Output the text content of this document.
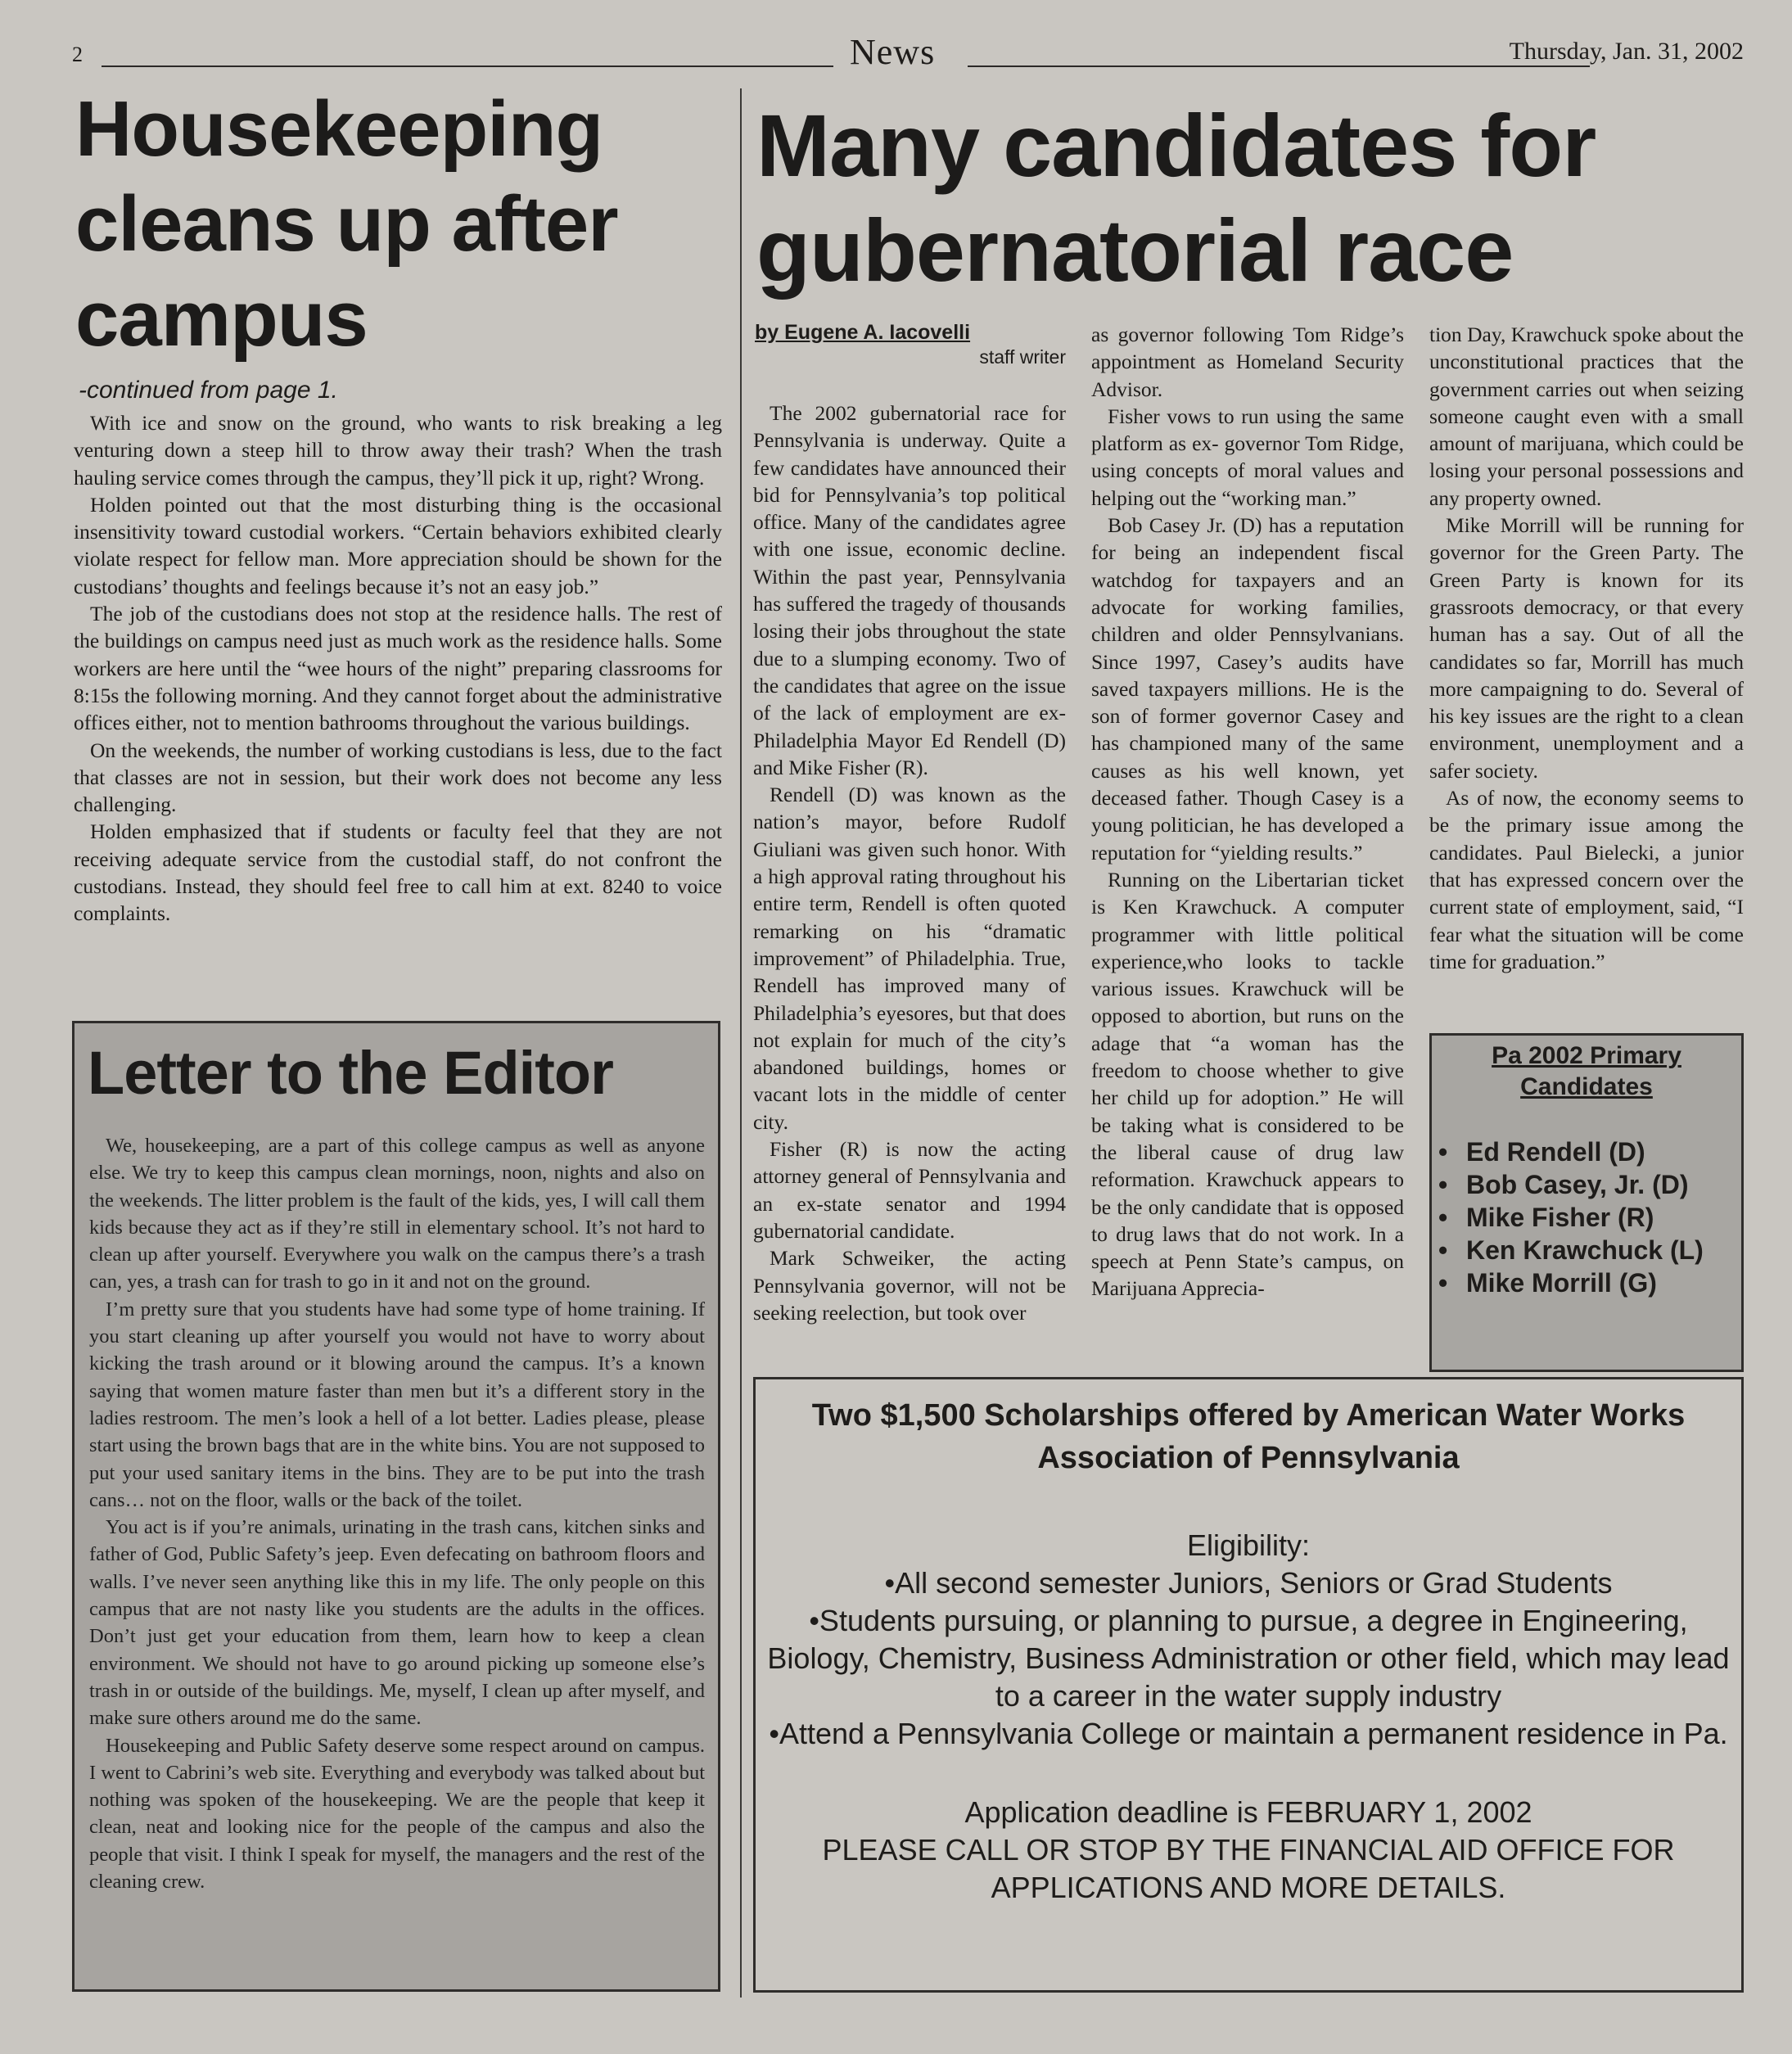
2	News	Thursday, Jan. 31, 2002
Housekeeping cleans up after campus
-continued from page 1.

With ice and snow on the ground, who wants to risk breaking a leg venturing down a steep hill to throw away their trash? When the trash hauling service comes through the campus, they’ll pick it up, right? Wrong.

Holden pointed out that the most disturbing thing is the occasional insensitivity toward custodial workers. “Certain behaviors exhibited clearly violate respect for fellow man. More appreciation should be shown for the custodians’ thoughts and feelings because it’s not an easy job.”

The job of the custodians does not stop at the residence halls. The rest of the buildings on campus need just as much work as the residence halls. Some workers are here until the “wee hours of the night” preparing classrooms for 8:15s the following morning. And they cannot forget about the administrative offices either, not to mention bathrooms throughout the various buildings.

On the weekends, the number of working custodians is less, due to the fact that classes are not in session, but their work does not become any less challenging.

Holden emphasized that if students or faculty feel that they are not receiving adequate service from the custodial staff, do not confront the custodians. Instead, they should feel free to call him at ext. 8240 to voice complaints.

Letter to the Editor

We, housekeeping, are a part of this college campus as well as anyone else. We try to keep this campus clean mornings, noon, nights and also on the weekends. The litter problem is the fault of the kids, yes, I will call them kids because they act as if they’re still in elementary school. It’s not hard to clean up after yourself. Everywhere you walk on the campus there’s a trash can, yes, a trash can for trash to go in it and not on the ground.

I’m pretty sure that you students have had some type of home training. If you start cleaning up after yourself you would not have to worry about kicking the trash around or it blowing around the campus. It’s a known saying that women mature faster than men but it’s a different story in the ladies restroom. The men’s look a hell of a lot better. Ladies please, please start using the brown bags that are in the white bins. You are not supposed to put your used sanitary items in the bins. They are to be put into the trash cans… not on the floor, walls or the back of the toilet.

You act is if you’re animals, urinating in the trash cans, kitchen sinks and father of God, Public Safety’s jeep. Even defecating on bathroom floors and walls. I’ve never seen anything like this in my life. The only people on this campus that are not nasty like you students are the adults in the offices. Don’t just get your education from them, learn how to keep a clean environment. We should not have to go around picking up someone else’s trash in or outside of the buildings. Me, myself, I clean up after myself, and make sure others around me do the same.

Housekeeping and Public Safety deserve some respect around on campus. I went to Cabrini’s web site. Everything and everybody was talked about but nothing was spoken of the housekeeping. We are the people that keep it clean, neat and looking nice for the people of the campus and also the people that visit. I think I speak for myself, the managers and the rest of the cleaning crew.

Many candidates for gubernatorial race
by Eugene A. Iacovelli
staff writer

The 2002 gubernatorial race for Pennsylvania is underway. Quite a few candidates have announced their bid for Pennsylvania’s top political office. Many of the candidates agree with one issue, economic decline. Within the past year, Pennsylvania has suffered the tragedy of thousands losing their jobs throughout the state due to a slumping economy. Two of the candidates that agree on the issue of the lack of employment are ex-Philadelphia Mayor Ed Rendell (D) and Mike Fisher (R).

Rendell (D) was known as the nation’s mayor, before Rudolf Giuliani was given such honor. With a high approval rating throughout his entire term, Rendell is often quoted remarking on his “dramatic improvement” of Philadelphia. True, Rendell has improved many of Philadelphia’s eyesores, but that does not explain for much of the city’s abandoned buildings, homes or vacant lots in the middle of center city.

Fisher (R) is now the acting attorney general of Pennsylvania and an ex-state senator and 1994 gubernatorial candidate.

Mark Schweiker, the acting Pennsylvania governor, will not be seeking reelection, but took over

as governor following Tom Ridge’s appointment as Homeland Security Advisor.

Fisher vows to run using the same platform as ex- governor Tom Ridge, using concepts of moral values and helping out the “working man.”

Bob Casey Jr. (D) has a reputation for being an independent fiscal watchdog for taxpayers and an advocate for working families, children and older Pennsylvanians. Since 1997, Casey’s audits have saved taxpayers millions. He is the son of former governor Casey and has championed many of the same causes as his well known, yet deceased father. Though Casey is a young politician, he has developed a reputation for “yielding results.”

Running on the Libertarian ticket is Ken Krawchuck. A computer programmer with little political experience,who looks to tackle various issues. Krawchuck will be opposed to abortion, but runs on the adage that “a woman has the freedom to choose whether to give her child up for adoption.” He will be taking what is considered to be the liberal cause of drug law reformation. Krawchuck appears to be the only candidate that is opposed to drug laws that do not work. In a speech at Penn State’s campus, on Marijuana Apprecia-

tion Day, Krawchuck spoke about the unconstitutional practices that the government carries out when seizing someone caught even with a small amount of marijuana, which could be losing your personal possessions and any property owned.

Mike Morrill will be running for governor for the Green Party. The Green Party is known for its grassroots democracy, or that every human has a say. Out of all the candidates so far, Morrill has much more campaigning to do. Several of his key issues are the right to a clean environment, unemployment and a safer society.

As of now, the economy seems to be the primary issue among the candidates. Paul Bielecki, a junior that has expressed concern over the current state of employment, said, “I fear what the situation will be come time for graduation.”

Pa 2002 Primary Candidates
• Ed Rendell (D)
• Bob Casey, Jr. (D)
• Mike Fisher (R)
• Ken Krawchuck (L)
• Mike Morrill (G)
Two $1,500 Scholarships offered by American Water Works Association of Pennsylvania
Eligibility:
•All second semester Juniors, Seniors or Grad Students
•Students pursuing, or planning to pursue, a degree in Engineering, Biology, Chemistry, Business Administration or other field, which may lead to a career in the water supply industry
•Attend a Pennsylvania College or maintain a permanent residence in Pa.
Application deadline is FEBRUARY 1, 2002
PLEASE CALL OR STOP BY THE FINANCIAL AID OFFICE FOR APPLICATIONS AND MORE DETAILS.
